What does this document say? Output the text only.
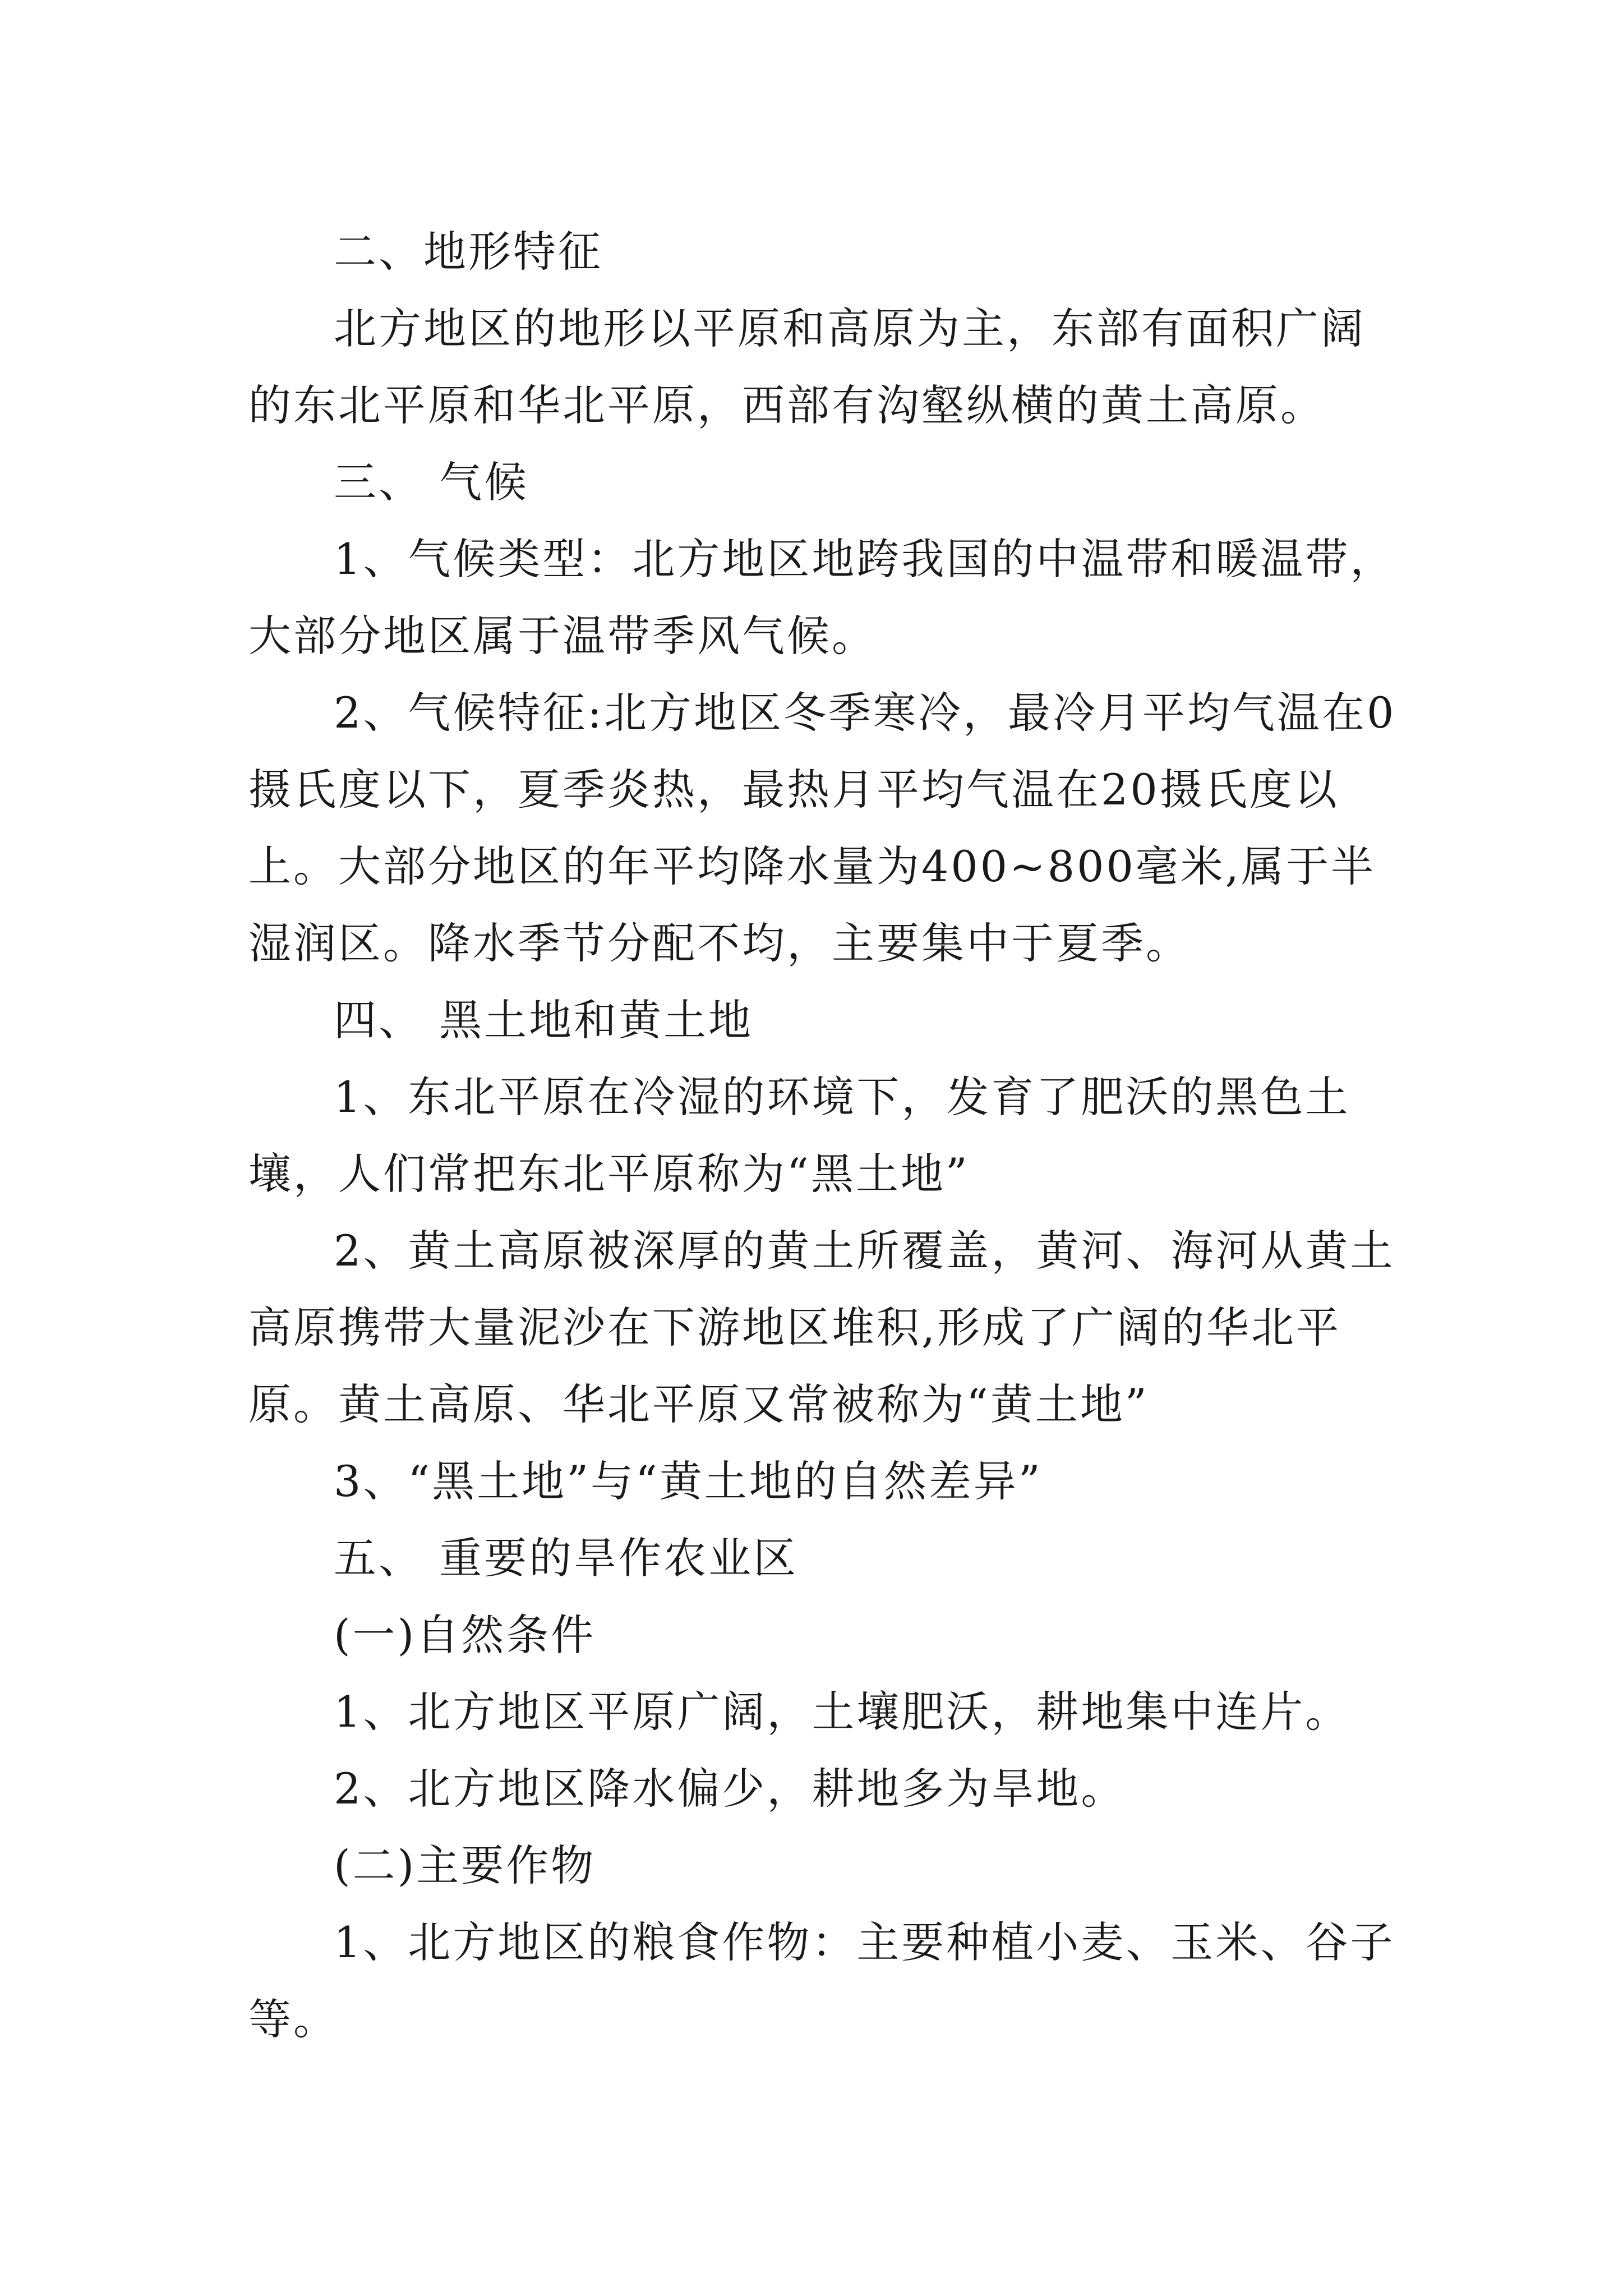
二、地形特征

北方地区的地形以平原和高原为主，东部有面积广阔的东北平原和华北平原，西部有沟壑纵横的黄土高原。

三、 气候

1、气候类型：北方地区地跨我国的中温带和暖温带，大部分地区属于温带季风气候。

2、气候特征:北方地区冬季寒冷，最冷月平均气温在0摄氏度以下，夏季炎热，最热月平均气温在20摄氏度以上。大部分地区的年平均降水量为400~800毫米,属于半湿润区。降水季节分配不均，主要集中于夏季。

四、 黑土地和黄土地

1、东北平原在冷湿的环境下，发育了肥沃的黑色土壤，人们常把东北平原称为“黑土地”

2、黄土高原被深厚的黄土所覆盖，黄河、海河从黄土高原携带大量泥沙在下游地区堆积,形成了广阔的华北平原。黄土高原、华北平原又常被称为“黄土地”

3、“黑土地”与“黄土地的自然差异”

五、 重要的旱作农业区

(一)自然条件

1、北方地区平原广阔，土壤肥沃，耕地集中连片。

2、北方地区降水偏少，耕地多为旱地。

(二)主要作物

1、北方地区的粮食作物：主要种植小麦、玉米、谷子等。
